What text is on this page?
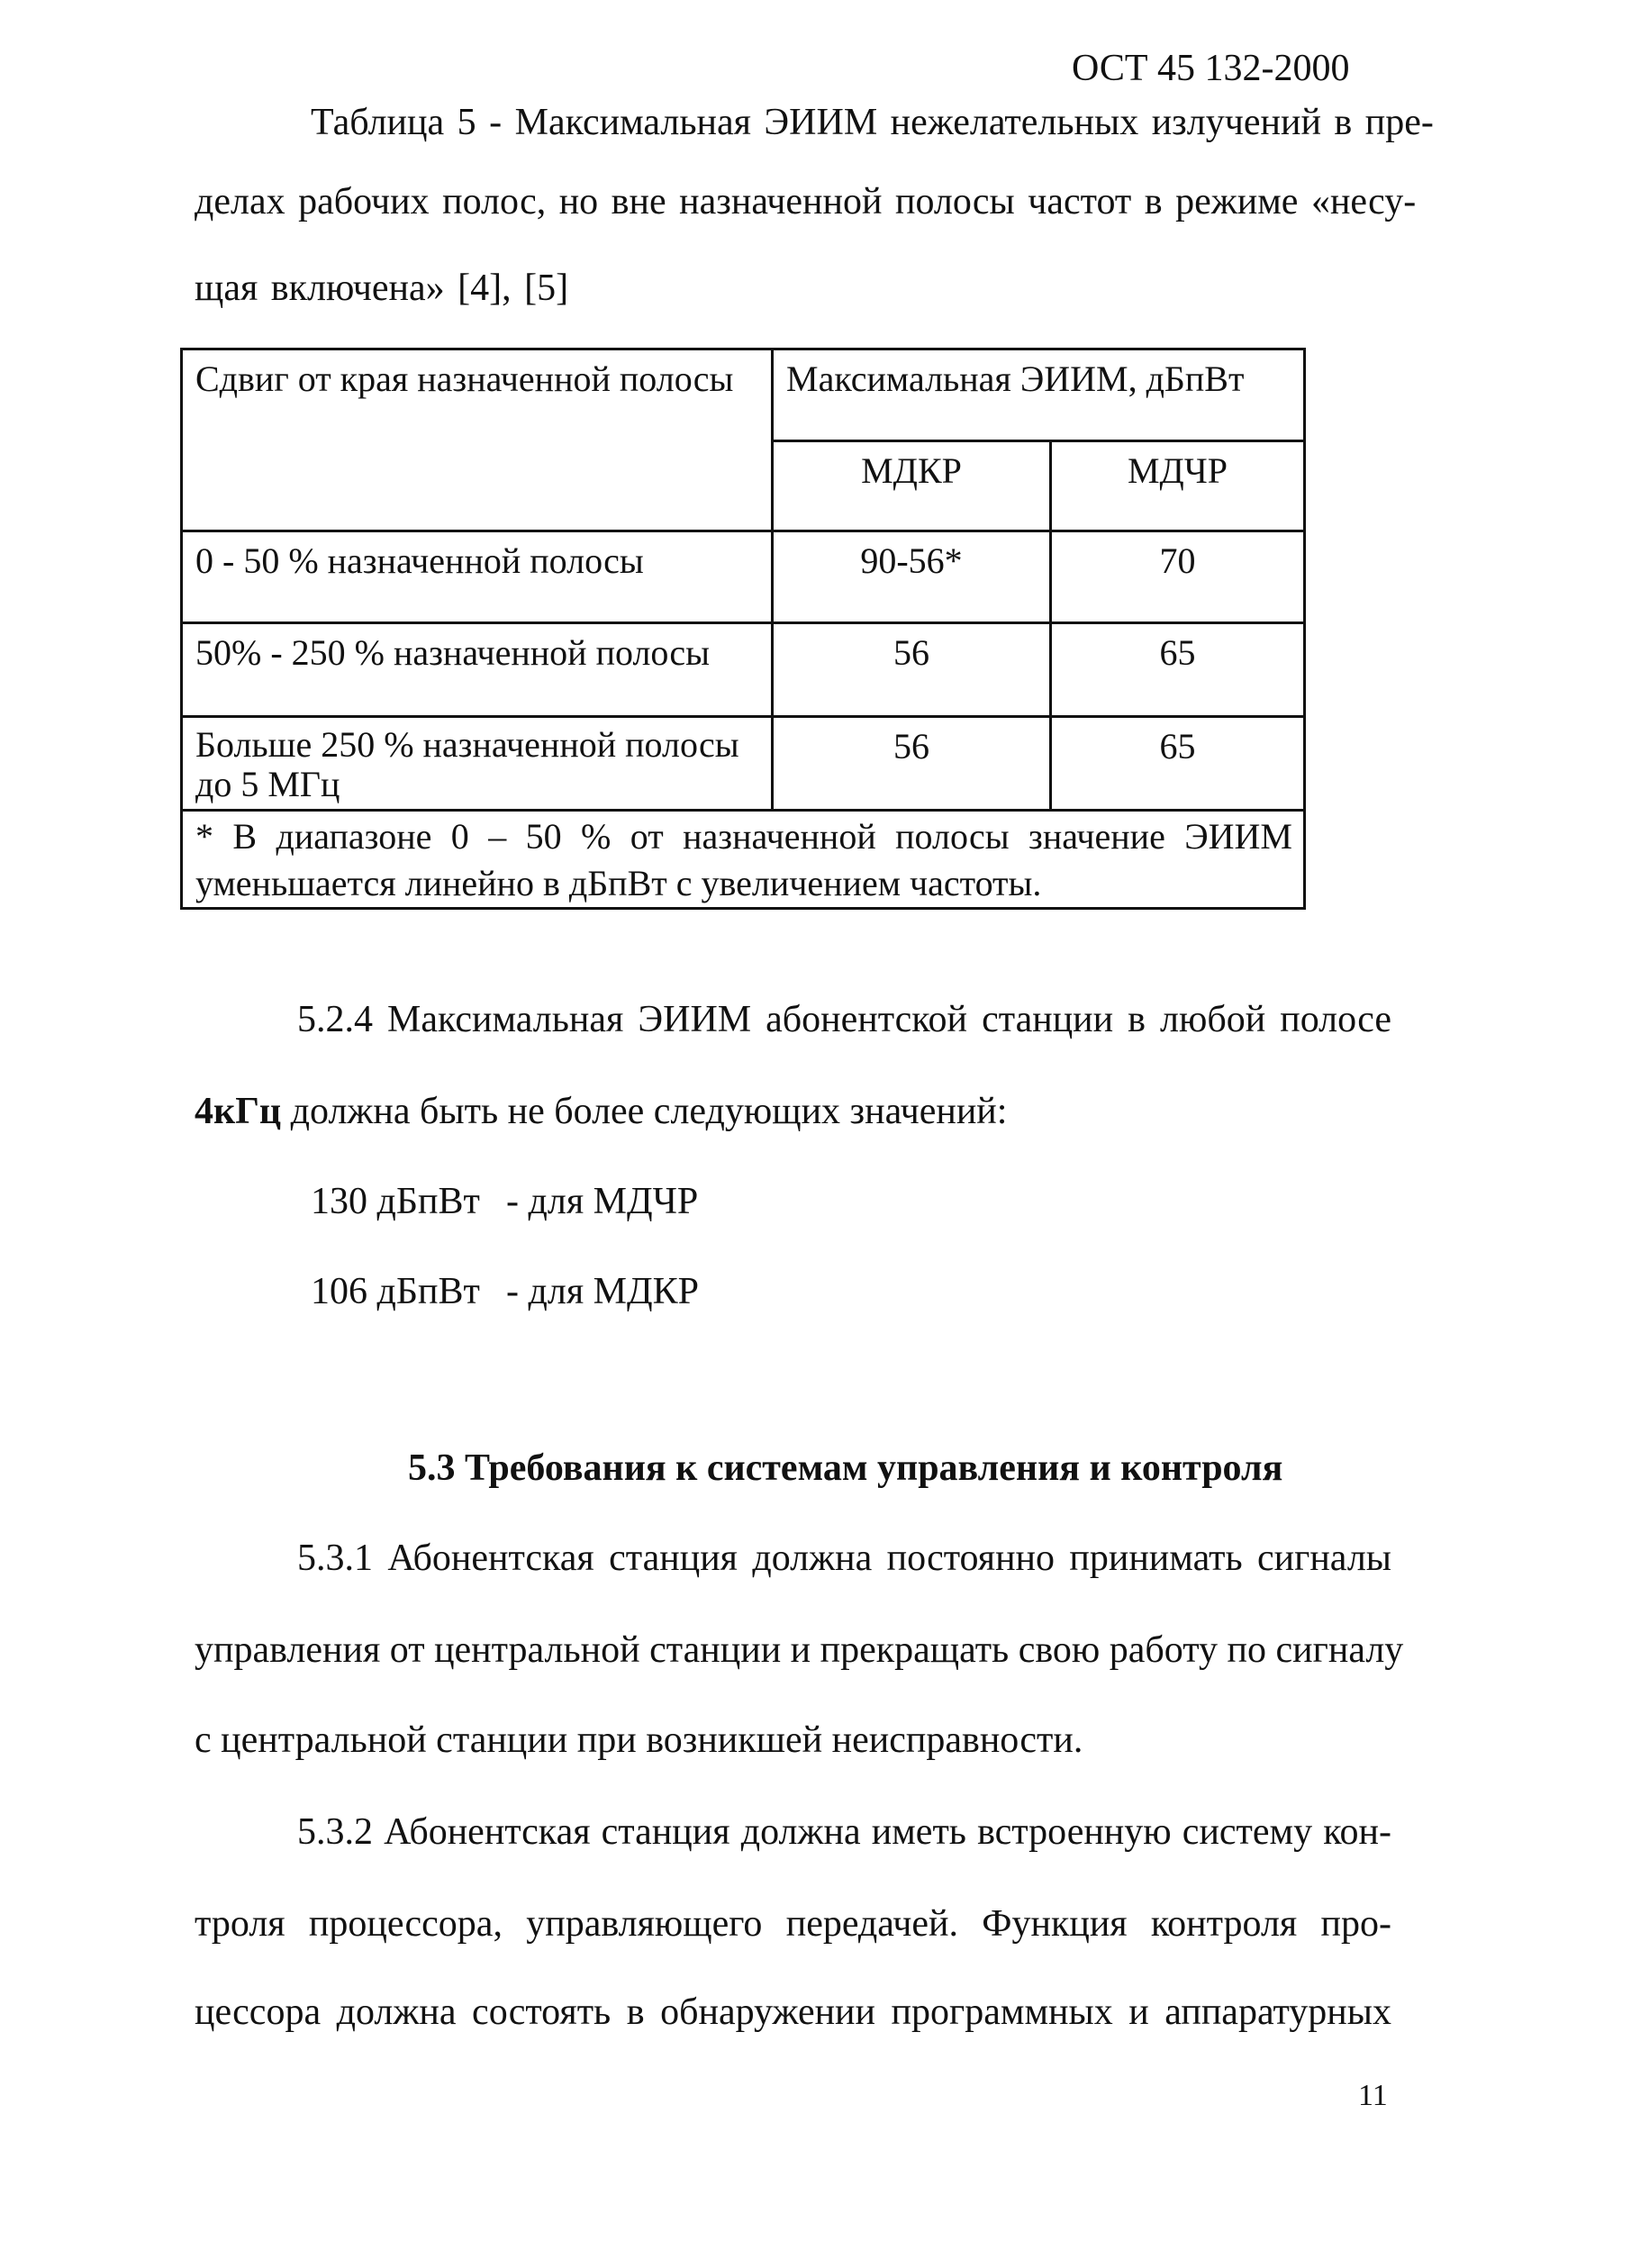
ОСТ 45 132-2000
Таблица 5 - Максимальная ЭИИМ нежелательных излучений в пре-
делах рабочих полос, но вне назначенной полосы частот в режиме «несу-
щая включена» [4], [5]
Сдвиг от края назначенной полосы	Максимальная ЭИИМ, дБпВт	
	МДКР	МДЧР
0 - 50 % назначенной полосы	90-56*	70
50% - 250 % назначенной полосы	56	65
Больше 250 % назначенной полосы до 5 МГц	56	65

* В диапазоне 0 – 50 % от назначенной полосы значение ЭИИМ
уменьшается линейно в дБпВт с увеличением частоты.		
5.2.4 Максимальная ЭИИМ абонентской станции в любой полосе
4кГц должна быть не более следующих значений:
130 дБпВт - для МДЧР
106 дБпВт - для МДКР
5.3 Требования к системам управления и контроля
5.3.1 Абонентская станция должна постоянно принимать сигналы
управления от центральной станции и прекращать свою работу по сигналу
с центральной станции при возникшей неисправности.
5.3.2 Абонентская станция должна иметь встроенную систему кон-
троля процессора, управляющего передачей. Функция контроля про-
цессора должна состоять в обнаружении программных и аппаратурных
11
